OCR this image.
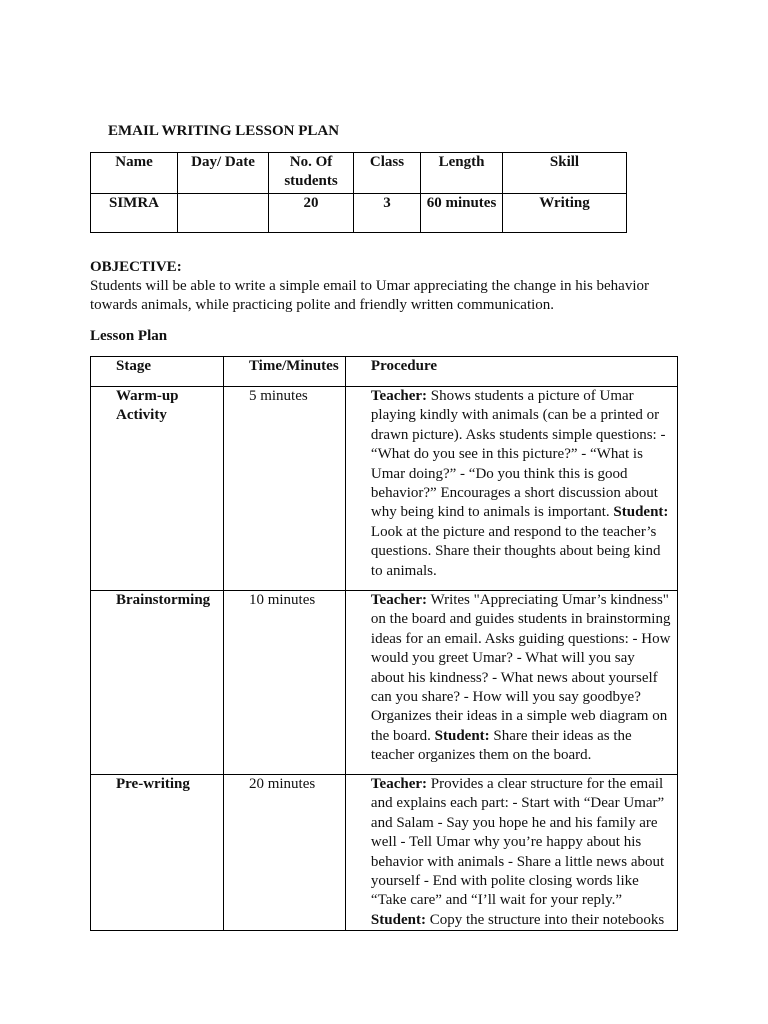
EMAIL WRITING LESSON PLAN
Name	Day/ Date	No. Of students	Class	Length	Skill
SIMRA		20	3	60 minutes	Writing
OBJECTIVE:
Students will be able to write a simple email to Umar appreciating the change in his behavior towards animals, while practicing polite and friendly written communication.
Lesson Plan
Stage	Time/Minutes	Procedure

Warm-up Activity	5 minutes	Teacher: Shows students a picture of Umar playing kindly with animals (can be a printed or drawn picture). Asks students simple questions: - “What do you see in this picture?” - “What is Umar doing?” - “Do you think this is good behavior?” Encourages a short discussion about why being kind to animals is important. Student: Look at the picture and respond to the teacher’s questions. Share their thoughts about being kind to animals.

Brainstorming	10 minutes	Teacher: Writes "Appreciating Umar’s kindness" on the board and guides students in brainstorming ideas for an email. Asks guiding questions: - How would you greet Umar? - What will you say about his kindness? - What news about yourself can you share? - How will you say goodbye? Organizes their ideas in a simple web diagram on the board. Student: Share their ideas as the teacher organizes them on the board.

Pre-writing	20 minutes	Teacher: Provides a clear structure for the email and explains each part: - Start with “Dear Umar” and Salam - Say you hope he and his family are well - Tell Umar why you’re happy about his behavior with animals - Share a little news about yourself - End with polite closing words like “Take care” and “I’ll wait for your reply.” Student: Copy the structure into their notebooks
